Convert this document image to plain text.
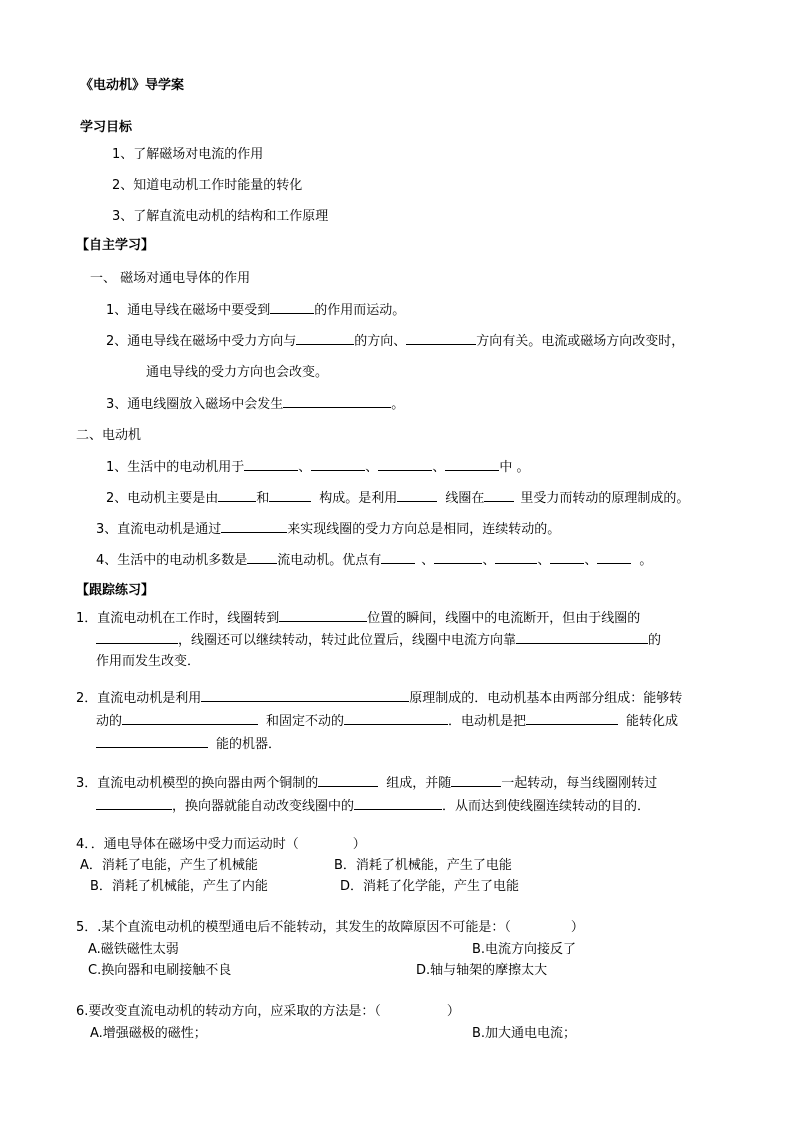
《电动机》导学案
学习目标
1、了解磁场对电流的作用
2、知道电动机工作时能量的转化
3、了解直流电动机的结构和工作原理
【自主学习】
一、 磁场对通电导体的作用
1、通电导线在磁场中要受到	的作用而运动。
2、通电导线在磁场中受力方向与	的方向、	方向有关。电流或磁场方向改变时，
通电导线的受力方向也会改变。
3、通电线圈放入磁场中会发生	。
二、电动机
1、生活中的电动机用于	、	、	、	中 。
2、电动机主要是由	和	构成。是利用	线圈在	里受力而转动的原理制成的。
3、直流电动机是通过	来实现线圈的受力方向总是相同，连续转动的。
4、生活中的电动机多数是 流电动机。优点有	、	、	、	、	。
【跟踪练习】
1．直流电动机在工作时，线圈转到	位置的瞬间，线圈中的电流断开，但由于线圈的
，线圈还可以继续转动，转过此位置后，线圈中电流方向靠	的
作用而发生改变．
2．直流电动机是利用	原理制成的．电动机基本由两部分组成：能够转
动的	和固定不动的	．电动机是把	能转化成
能的机器．
3．直流电动机模型的换向器由两个铜制的	组成，并随	一起转动，每当线圈刚转过
，换向器就能自动改变线圈中的	．从而达到使线圈连续转动的目的．
4．．通电导体在磁场中受力而运动时（	）
A．消耗了电能，产生了机械能	B．消耗了机械能，产生了电能
B．消耗了机械能，产生了内能	D．消耗了化学能，产生了电能
5．.某个直流电动机的模型通电后不能转动，其发生的故障原因不可能是：（	）
A.磁铁磁性太弱	B.电流方向接反了
C.换向器和电刷接触不良	D.轴与轴架的摩擦太大
6.要改变直流电动机的转动方向，应采取的方法是：（	）
A.增强磁极的磁性；	B.加大通电电流；
